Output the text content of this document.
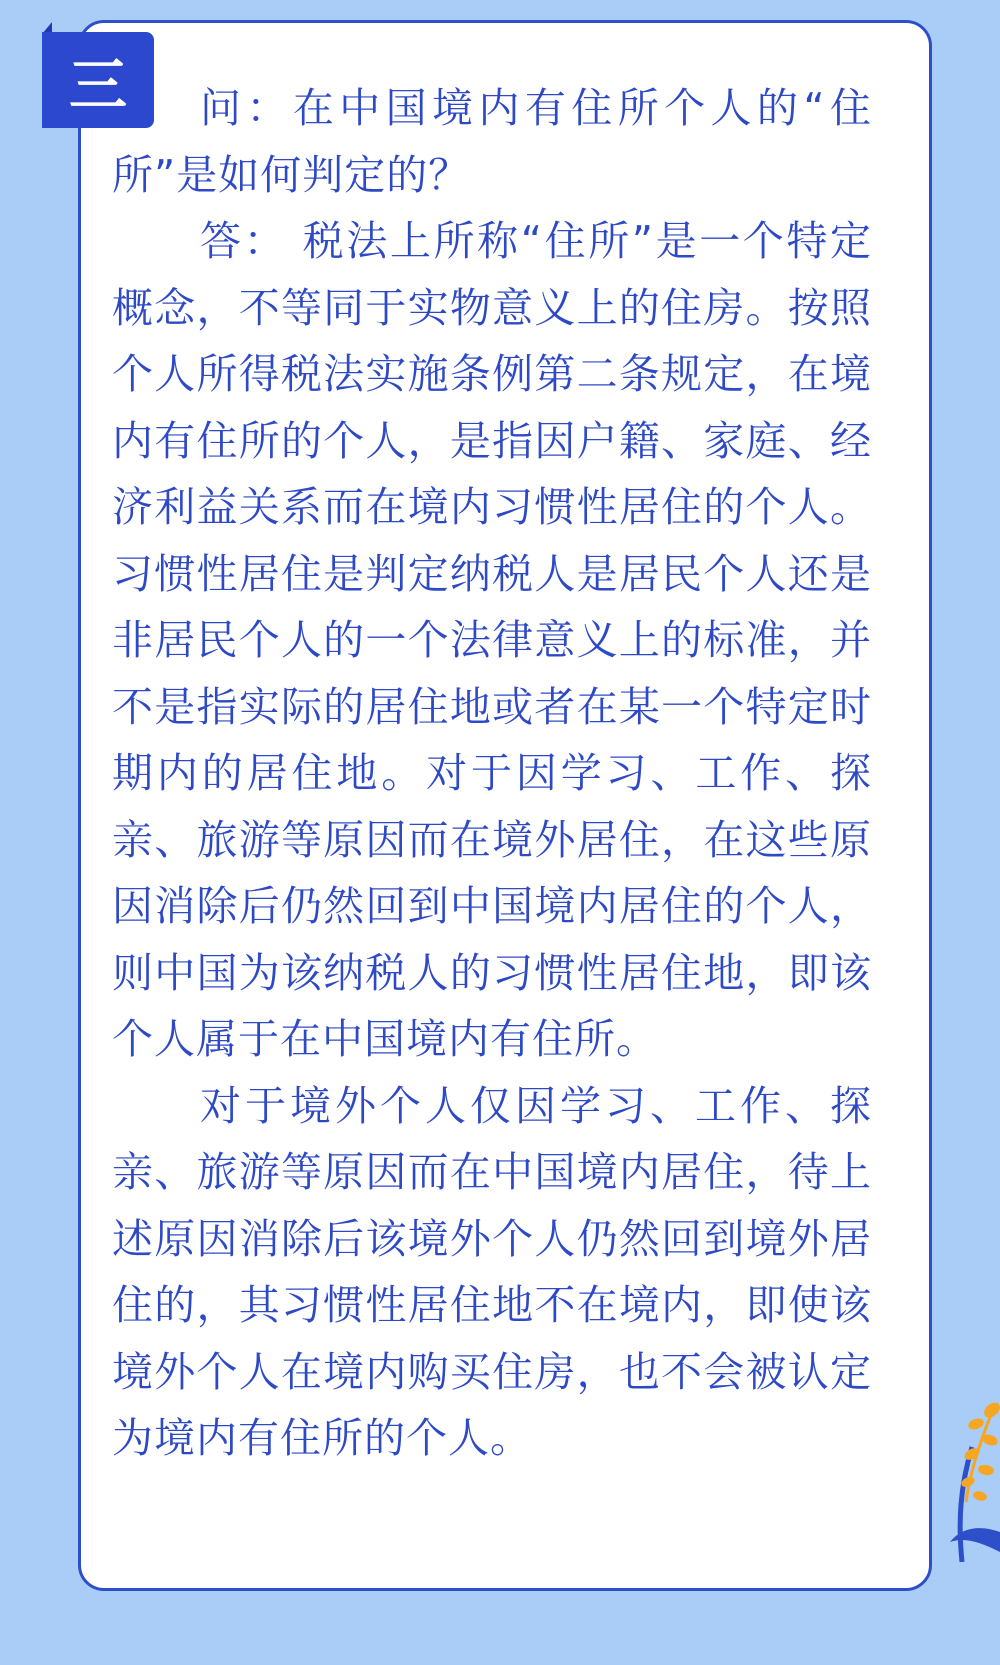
三	问：在中国境内有住所个人的“住所”是如何判定的？

答： 税法上所称“住所”是一个特定概念，不等同于实物意义上的住房。按照个人所得税法实施条例第二条规定，在境内有住所的个人，是指因户籍、家庭、经济利益关系而在境内习惯性居住的个人。习惯性居住是判定纳税人是居民个人还是非居民个人的一个法律意义上的标准，并不是指实际的居住地或者在某一个特定时期内的居住地。对于因学习、工作、探亲、旅游等原因而在境外居住，在这些原因消除后仍然回到中国境内居住的个人，则中国为该纳税人的习惯性居住地，即该个人属于在中国境内有住所。

对于境外个人仅因学习、工作、探亲、旅游等原因而在中国境内居住，待上述原因消除后该境外个人仍然回到境外居住的，其习惯性居住地不在境内，即使该境外个人在境内购买住房，也不会被认定为境内有住所的个人。
